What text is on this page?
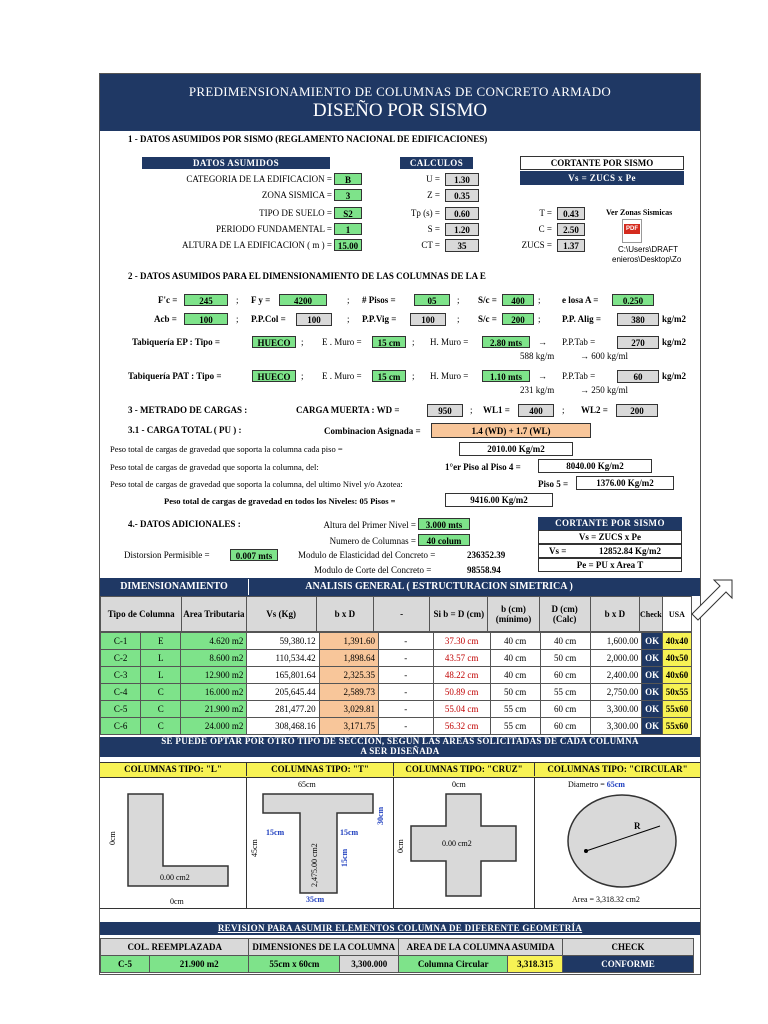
PREDIMENSIONAMIENTO DE COLUMNAS DE CONCRETO ARMADO
DISEÑO POR SISMO
1 - DATOS ASUMIDOS POR SISMO (REGLAMENTO NACIONAL DE EDIFICACIONES)
DATOS ASUMIDOS	CALCULOS	CORTANTE POR SISMO
Vs = ZUCS x Pe
CATEGORIA DE LA EDIFICACION =	B
ZONA SISMICA =	3
TIPO DE SUELO =	S2
PERIODO FUNDAMENTAL =	1
ALTURA DE LA EDIFICACION ( m ) = 15.00
U =	1.30
Z =	0.35
Tp (s) =	0.60
S =	1.20
CT =	35
T =	0.43
C =	2.50
ZUCS =	1.37
Ver Zonas Sismicas
PDF
C:\Users\DRAFT
enieros\Desktop\Zo
2 - DATOS ASUMIDOS PARA EL DIMENSIONAMIENTO DE LAS COLUMNAS DE LA E
F'c =	245	; F y =	4200	; # Pisos =	05	; S/c =	400	; e losa A =	0.250
Acb =	100	; P.P.Col =	100	; P.P.Vig =	100	; S/c =	200	; P.P. Alig =	380	kg/m2
Tabiquería EP : Tipo =	HUECO	; E . Muro =	15 cm	; H. Muro =	2.80 mts	→ P.P.Tab =	270	kg/m2
588 kg/m	→ 600 kg/ml
Tabiquería PAT : Tipo =	HUECO	; E . Muro =	15 cm	; H. Muro =	1.10 mts	→ P.P.Tab =	60	kg/m2
231 kg/m	→ 250 kg/ml
3 - METRADO DE CARGAS :	CARGA MUERTA : WD =	950	; WL1 =	400	; WL2 =	200
3.1 - CARGA TOTAL ( PU ) :	Combinacion Asignada =	1.4 (WD) + 1.7 (WL)
Peso total de cargas de gravedad que soporta la columna cada piso =	2010.00 Kg/m2
Peso total de cargas de gravedad que soporta la columna, del:	1°er Piso al Piso 4 =	8040.00 Kg/m2
Peso total de cargas de gravedad que soporta la columna, del ultimo Nivel y/o Azotea:	Piso 5 =	1376.00 Kg/m2
Peso total de cargas de gravedad en todos los Niveles: 05 Pisos =	9416.00 Kg/m2
4.- DATOS ADICIONALES :	Altura del Primer Nivel =	3.000 mts
Numero de Columnas =	40 colum
Distorsion Permisible =	0.007 mts	Modulo de Elasticidad del Concreto =	236352.39
Modulo de Corte del Concreto =	98558.94
CORTANTE POR SISMO
Vs = ZUCS x Pe
Vs =	12852.84 Kg/m2
Pe = PU x Area T
DIMENSIONAMIENTO	ANALISIS GENERAL ( ESTRUCTURACION SIMETRICA )
Tipo de Columna	Area Tributaria	Vs (Kg)	b x D	-	Si b = D (cm)	b (cm) (mínimo)	D (cm) (Calc)	b x D	Check	USA
C-1	E	4.620 m2	59,380.12	1,391.60	-	37.30 cm	40 cm	40 cm	1,600.00	OK	40x40
C-2	L	8.600 m2	110,534.42	1,898.64	-	43.57 cm	40 cm	50 cm	2,000.00	OK	40x50
C-3	L	12.900 m2	165,801.64	2,325.35	-	48.22 cm	40 cm	60 cm	2,400.00	OK	40x60
C-4	C	16.000 m2	205,645.44	2,589.73	-	50.89 cm	50 cm	55 cm	2,750.00	OK	50x55
C-5	C	21.900 m2	281,477.20	3,029.81	-	55.04 cm	55 cm	60 cm	3,300.00	OK	55x60
C-6	C	24.000 m2	308,468.16	3,171.75	-	56.32 cm	55 cm	60 cm	3,300.00	OK	55x60
SE PUEDE OPTAR POR OTRO TIPO DE SECCION, SEGUN LAS AREAS SOLICITADAS DE CADA COLUMNA
A SER DISEÑADA
COLUMNAS TIPO: "L"	COLUMNAS TIPO: "T"	COLUMNAS TIPO: "CRUZ"	COLUMNAS TIPO: "CIRCULAR"
0cm
0.00 cm2
0cm
65cm
45cm
15cm	15cm
30cm
2,475.00 cm2	15cm
35cm
0cm
0cm	0.00 cm2
Diametro = 65cm
R
Area = 3,318.32 cm2
REVISION PARA ASUMIR ELEMENTOS COLUMNA DE DIFERENTE GEOMETRÍA
COL. REEMPLAZADA		DIMENSIONES DE LA COLUMNA		AREA DE LA COLUMNA ASUMIDA		CHECK
C-5	21.900 m2	55cm x 60cm	3,300.000	Columna Circular	3,318.315	CONFORME
